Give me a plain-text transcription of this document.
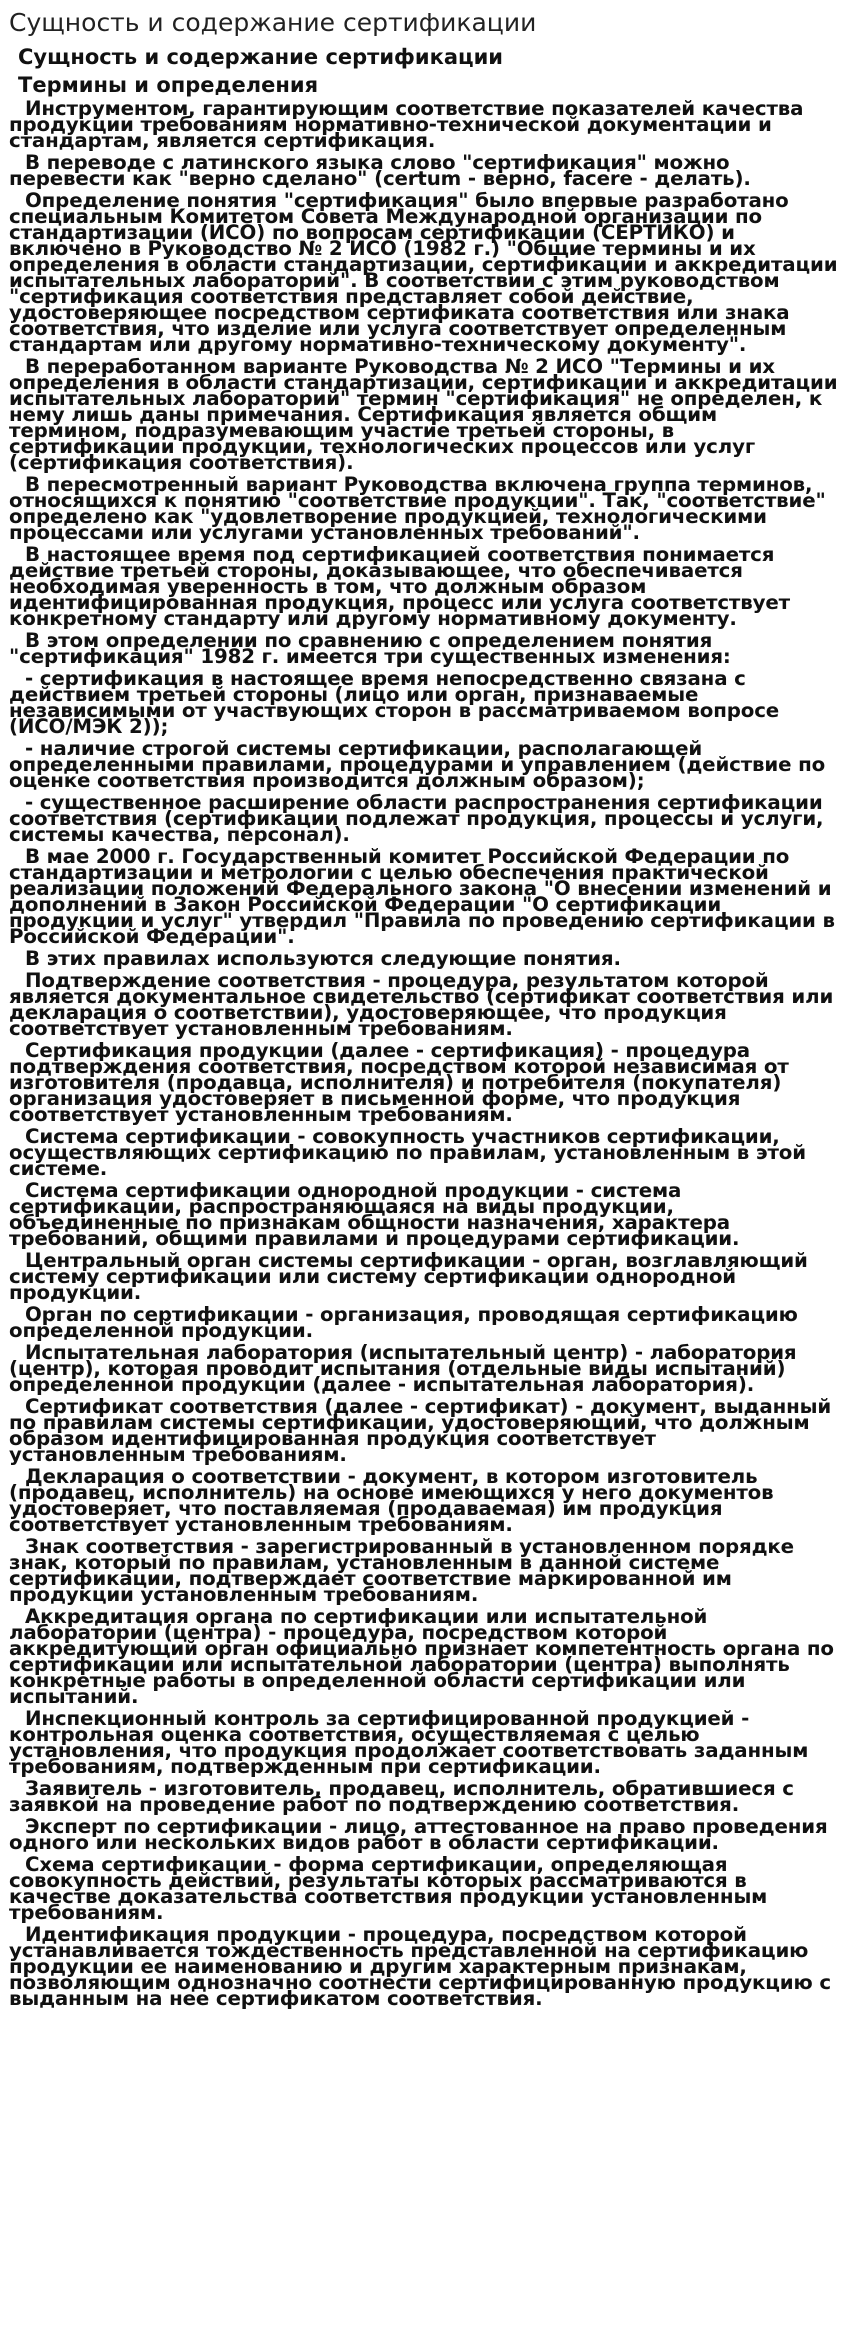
Сущность и содержание сертификации
Сущность и содержание сертификации
Термины и определения

Инструментом, гарантирующим соответствие показателей качества продукции требованиям нормативно-технической документации и стандартам, является сертификация.

В переводе с латинского языка слово "сертификация" можно перевести как "верно сделано" (certum - верно, facere - делать).

Определение понятия "сертификация" было впервые разработано специальным Комитетом Совета Международной организации по стандартизации (ИСО) по вопросам сертификации (СЕРТИКО) и включено в Руководство № 2 ИСО (1982 г.) "Общие термины и их определения в области стандартизации, сертификации и аккредитации испытательных лабораторий". В соответствии с этим руководством "сертификация соответствия представляет собой действие, удостоверяющее посредством сертификата соответствия или знака соответствия, что изделие или услуга соответствует определенным стандартам или другому нормативно-техническому документу".

В переработанном варианте Руководства № 2 ИСО "Термины и их определения в области стандартизации, сертификации и аккредитации испытательных лабораторий" термин "сертификация" не определен, к нему лишь даны примечания. Сертификация является общим термином, подразумевающим участие третьей стороны, в сертификации продукции, технологических процессов или услуг (сертификация соответствия).

В пересмотренный вариант Руководства включена группа терминов, относящихся к понятию "соответствие продукции". Так, "соответствие" определено как "удовлетворение продукцией, технологическими процессами или услугами установленных требований".

В настоящее время под сертификацией соответствия понимается действие третьей стороны, доказывающее, что обеспечивается необходимая уверенность в том, что должным образом идентифицированная продукция, процесс или услуга соответствует конкретному стандарту или другому нормативному документу.

В этом определении по сравнению с определением понятия "сертификация" 1982 г. имеется три существенных изменения:

- сертификация в настоящее время непосредственно связана с действием третьей стороны (лицо или орган, признаваемые независимыми от участвующих сторон в рассматриваемом вопросе (ИСО/МЭК 2));

- наличие строгой системы сертификации, располагающей определенными правилами, процедурами и управлением (действие по оценке соответствия производится должным образом);

- существенное расширение области распространения сертификации соответствия (сертификации подлежат продукция, процессы и услуги, системы качества, персонал).

В мае 2000 г. Государственный комитет Российской Федерации по стандартизации и метрологии с целью обеспечения практической реализации положений Федерального закона "О внесении изменений и дополнений в Закон Российской Федерации "О сертификации продукции и услуг" утвердил "Правила по проведению сертификации в Российской Федерации".

В этих правилах используются следующие понятия.

Подтверждение соответствия - процедура, результатом которой является документальное свидетельство (сертификат соответствия или декларация о соответствии), удостоверяющее, что продукция соответствует установленным требованиям.

Сертификация продукции (далее - сертификация) - процедура подтверждения соответствия, посредством которой независимая от изготовителя (продавца, исполнителя) и потребителя (покупателя) организация удостоверяет в письменной форме, что продукция соответствует установленным требованиям.

Система сертификации - совокупность участников сертификации, осуществляющих сертификацию по правилам, установленным в этой системе.

Система сертификации однородной продукции - система сертификации, распространяющаяся на виды продукции, объединенные по признакам общности назначения, характера требований, общими правилами и процедурами сертификации.

Центральный орган системы сертификации - орган, возглавляющий систему сертификации или систему сертификации однородной продукции.

Орган по сертификации - организация, проводящая сертификацию определенной продукции.

Испытательная лаборатория (испытательный центр) - лаборатория (центр), которая проводит испытания (отдельные виды испытаний) определенной продукции (далее - испытательная лаборатория).

Сертификат соответствия (далее - сертификат) - документ, выданный по правилам системы сертификации, удостоверяющий, что должным образом идентифицированная продукция соответствует установленным требованиям.

Декларация о соответствии - документ, в котором изготовитель (продавец, исполнитель) на основе имеющихся у него документов удостоверяет, что поставляемая (продаваемая) им продукция соответствует установленным требованиям.

Знак соответствия - зарегистрированный в установленном порядке знак, который по правилам, установленным в данной системе сертификации, подтверждает соответствие маркированной им продукции установленным требованиям.

Аккредитация органа по сертификации или испытательной лаборатории (центра) - процедура, посредством которой аккредитующий орган официально признает компетентность органа по сертификации или испытательной лаборатории (центра) выполнять конкретные работы в определенной области сертификации или испытаний.

Инспекционный контроль за сертифицированной продукцией - контрольная оценка соответствия, осуществляемая с целью установления, что продукция продолжает соответствовать заданным требованиям, подтвержденным при сертификации.

Заявитель - изготовитель, продавец, исполнитель, обратившиеся с заявкой на проведение работ по подтверждению соответствия.

Эксперт по сертификации - лицо, аттестованное на право проведения одного или нескольких видов работ в области сертификации.

Схема сертификации - форма сертификации, определяющая совокупность действий, результаты которых рассматриваются в качестве доказательства соответствия продукции установленным требованиям.

Идентификация продукции - процедура, посредством которой устанавливается тождественность представленной на сертификацию продукции ее наименованию и другим характерным признакам, позволяющим однозначно соотнести сертифицированную продукцию с выданным на нее сертификатом соответствия.
